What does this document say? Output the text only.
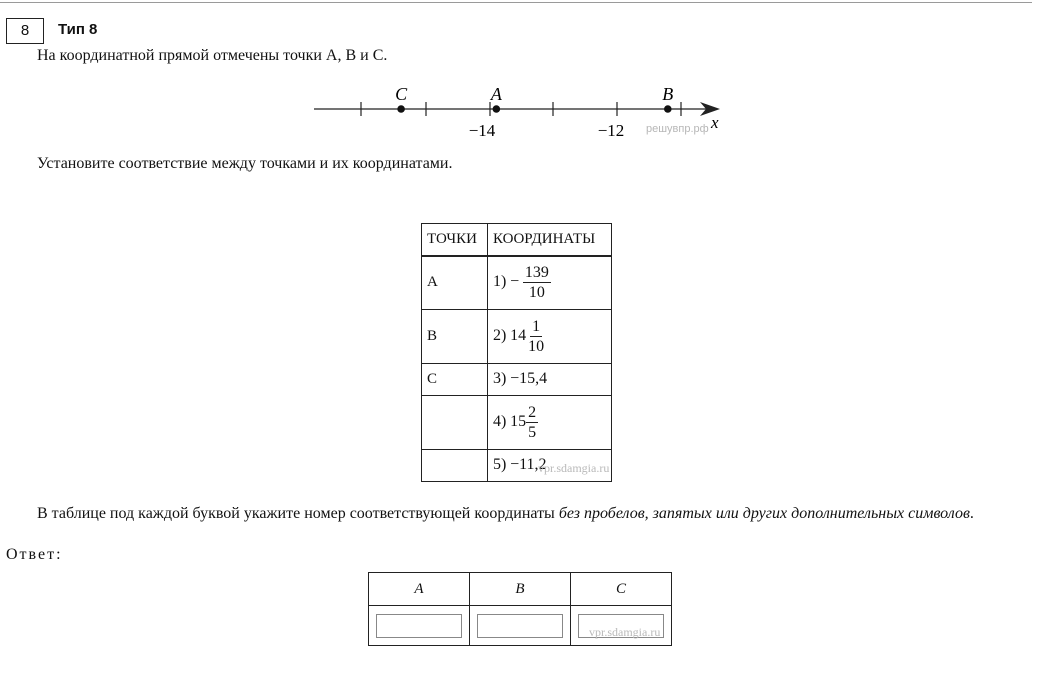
8	Тип 8
На координатной прямой отмечены точки A, B и C.
C	A	B
−14	−12	x
решувпр.рф
Установите соответствие между точками и их координатами.
ТОЧКИ	КООРДИНАТЫ
A	$1) - \frac{139}{10}$

B	2) $14 \frac{1}{10}$

C	3) −15,4
	4) $15 \frac{2}{5}$

	5) −11,2
vpr.sdamgia.ru
В таблице под каждой буквой укажите номер соответствующей координаты без пробелов, запятых или других дополнительных символов.
Ответ:
A	B	C

vpr.sdamgia.ru
